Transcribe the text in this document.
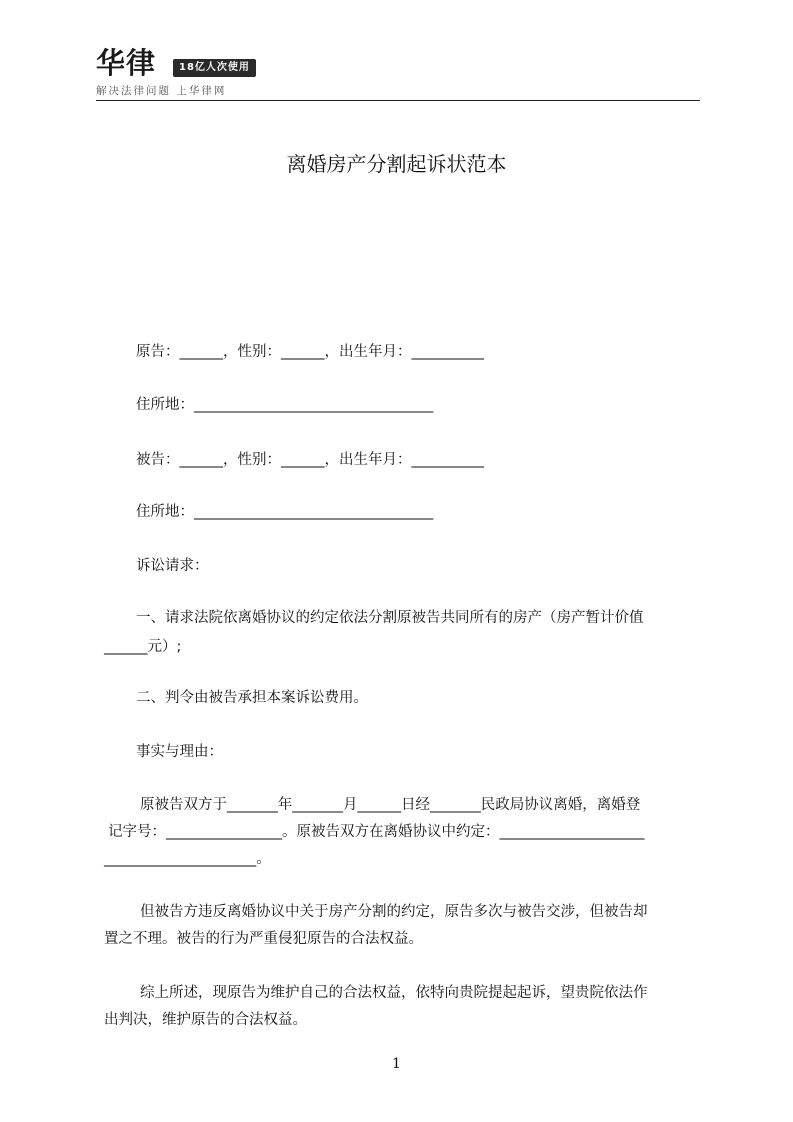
华律	18亿人次使用
解决法律问题 上华律网
离婚房产分割起诉状范本
原告：______，性别：______，出生年月：__________
住所地：_________________________________
被告：______，性别：______，出生年月：__________
住所地：_________________________________
诉讼请求：
一、请求法院依离婚协议的约定依法分割原被告共同所有的房产（房产暂计价值
______元）;
二、判令由被告承担本案诉讼费用。
事实与理由：
原被告双方于_______年_______月______日经_______民政局协议离婚，离婚登
记字号：________________。原被告双方在离婚协议中约定：____________________
_____________________。
但被告方违反离婚协议中关于房产分割的约定，原告多次与被告交涉，但被告却
置之不理。被告的行为严重侵犯原告的合法权益。
综上所述，现原告为维护自己的合法权益，依特向贵院提起起诉，望贵院依法作
出判决，维护原告的合法权益。
1
